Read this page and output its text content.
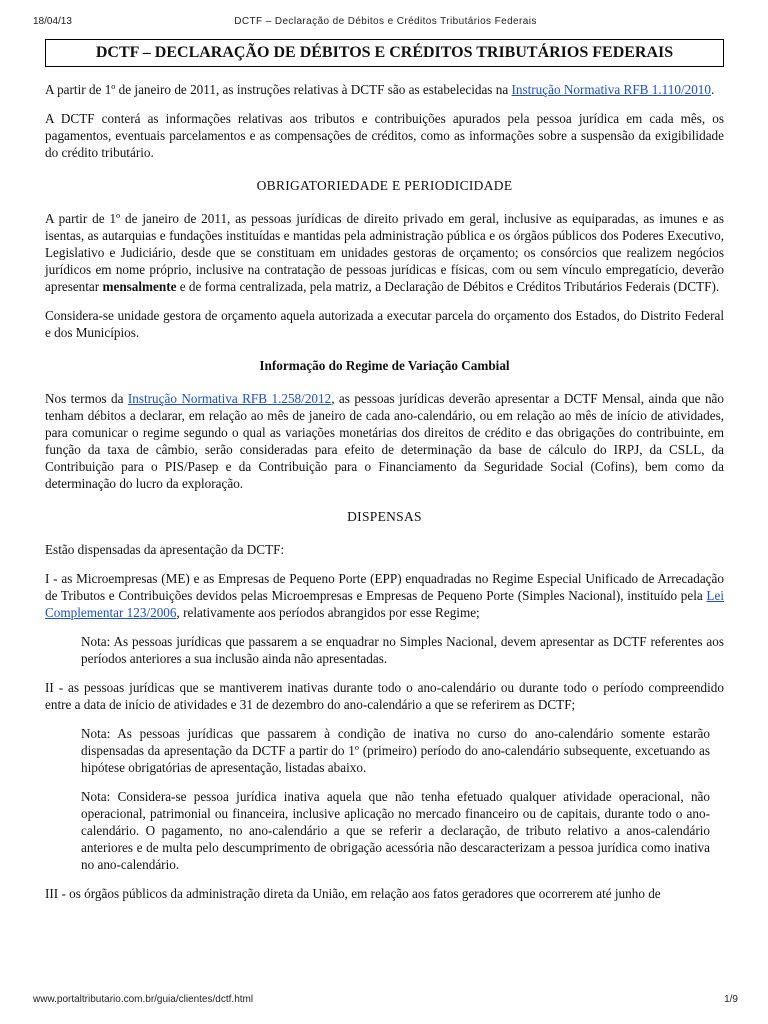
18/04/13	DCTF – Declaração de Débitos e Créditos Tributários Federais
DCTF – DECLARAÇÃO DE DÉBITOS E CRÉDITOS TRIBUTÁRIOS FEDERAIS

A partir de 1º de janeiro de 2011, as instruções relativas à DCTF são as estabelecidas na Instrução Normativa RFB 1.110/2010.

A DCTF conterá as informações relativas aos tributos e contribuições apurados pela pessoa jurídica em cada mês, os pagamentos, eventuais parcelamentos e as compensações de créditos, como as informações sobre a suspensão da exigibilidade do crédito tributário.

OBRIGATORIEDADE E PERIODICIDADE

A partir de 1º de janeiro de 2011, as pessoas jurídicas de direito privado em geral, inclusive as equiparadas, as imunes e as isentas, as autarquias e fundações instituídas e mantidas pela administração pública e os órgãos públicos dos Poderes Executivo, Legislativo e Judiciário, desde que se constituam em unidades gestoras de orçamento; os consórcios que realizem negócios jurídicos em nome próprio, inclusive na contratação de pessoas jurídicas e físicas, com ou sem vínculo empregatício, deverão apresentar mensalmente e de forma centralizada, pela matriz, a Declaração de Débitos e Créditos Tributários Federais (DCTF).

Considera-se unidade gestora de orçamento aquela autorizada a executar parcela do orçamento dos Estados, do Distrito Federal e dos Municípios.

Informação do Regime de Variação Cambial

Nos termos da Instrução Normativa RFB 1.258/2012, as pessoas jurídicas deverão apresentar a DCTF Mensal, ainda que não tenham débitos a declarar, em relação ao mês de janeiro de cada ano-calendário, ou em relação ao mês de início de atividades, para comunicar o regime segundo o qual as variações monetárias dos direitos de crédito e das obrigações do contribuinte, em função da taxa de câmbio, serão consideradas para efeito de determinação da base de cálculo do IRPJ, da CSLL, da Contribuição para o PIS/Pasep e da Contribuição para o Financiamento da Seguridade Social (Cofins), bem como da determinação do lucro da exploração.

DISPENSAS

Estão dispensadas da apresentação da DCTF:

I - as Microempresas (ME) e as Empresas de Pequeno Porte (EPP) enquadradas no Regime Especial Unificado de Arrecadação de Tributos e Contribuições devidos pelas Microempresas e Empresas de Pequeno Porte (Simples Nacional), instituído pela Lei Complementar 123/2006, relativamente aos períodos abrangidos por esse Regime;

Nota: As pessoas jurídicas que passarem a se enquadrar no Simples Nacional, devem apresentar as DCTF referentes aos períodos anteriores a sua inclusão ainda não apresentadas.

II - as pessoas jurídicas que se mantiverem inativas durante todo o ano-calendário ou durante todo o período compreendido entre a data de início de atividades e 31 de dezembro do ano-calendário a que se referirem as DCTF;

Nota: As pessoas jurídicas que passarem à condição de inativa no curso do ano-calendário somente estarão dispensadas da apresentação da DCTF a partir do 1º (primeiro) período do ano-calendário subsequente, excetuando as hipótese obrigatórias de apresentação, listadas abaixo.

Nota: Considera-se pessoa jurídica inativa aquela que não tenha efetuado qualquer atividade operacional, não operacional, patrimonial ou financeira, inclusive aplicação no mercado financeiro ou de capitais, durante todo o ano-calendário. O pagamento, no ano-calendário a que se referir a declaração, de tributo relativo a anos-calendário anteriores e de multa pelo descumprimento de obrigação acessória não descaracterizam a pessoa jurídica como inativa no ano-calendário.

III - os órgãos públicos da administração direta da União, em relação aos fatos geradores que ocorrerem até junho de

www.portaltributario.com.br/guia/clientes/dctf.html	1/9
